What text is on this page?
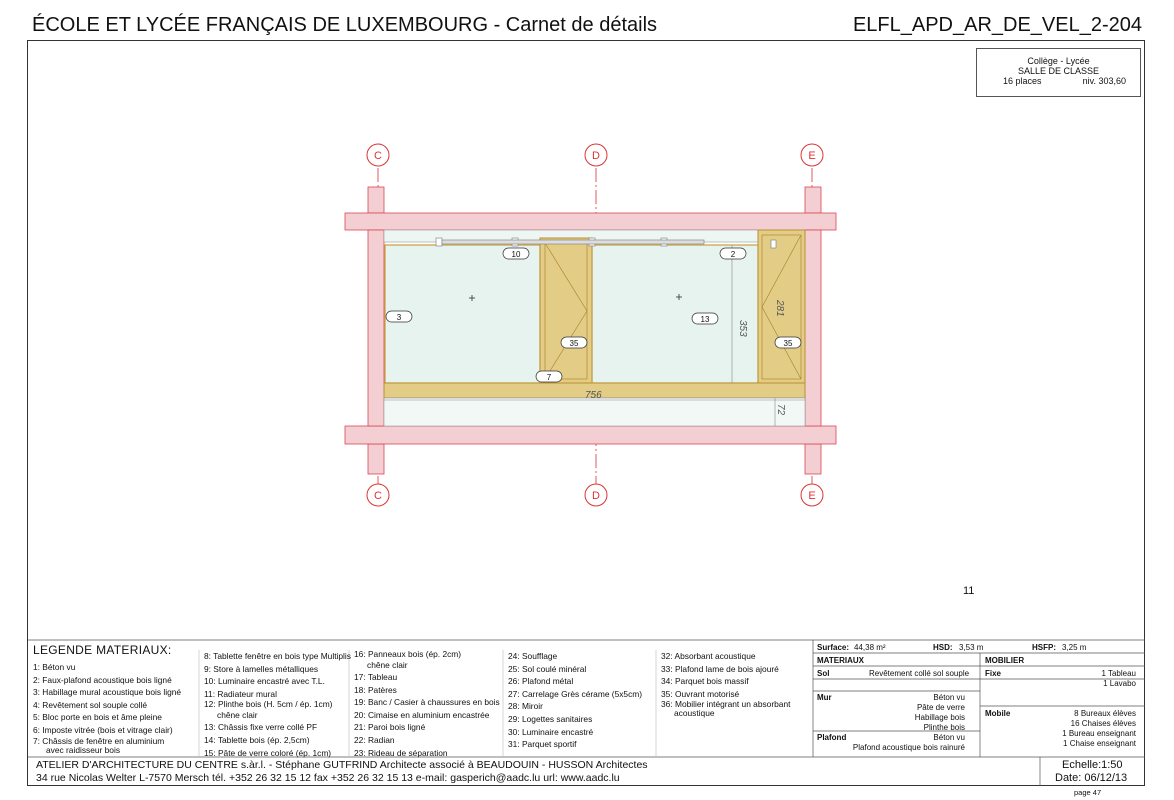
ÉCOLE ET LYCÉE FRANÇAIS DE LUXEMBOURG - Carnet de détails	ELFL_APD_AR_DE_VEL_2-204
Collège - Lycée
SALLE DE CLASSE
16 places	niv. 303,60
C	D	E
C	D	E
10	2
3	13
35	35
7
756
353
281
72
11
LEGENDE MATERIAUX:
1: Béton vu
2: Faux-plafond acoustique bois ligné
3: Habillage mural acoustique bois ligné
4: Revêtement sol souple collé
5: Bloc porte en bois et âme pleine
6: Imposte vitrée (bois et vitrage clair)
7: Châssis de fenêtre en aluminium
avec raidisseur bois
8: Tablette fenêtre en bois type Multiplis
9: Store à lamelles métalliques
10: Luminaire encastré avec T.L.
11: Radiateur mural
12: Plinthe bois (H. 5cm / ép. 1cm)
chêne clair
13: Châssis fixe verre collé PF
14: Tablette bois (ép. 2,5cm)
15: Pâte de verre coloré (ép. 1cm)
16: Panneaux bois (ép. 2cm)
chêne clair
17: Tableau
18: Patères
19: Banc / Casier à chaussures en bois
20: Cimaise en aluminium encastrée
21: Paroi bois ligné
22: Radian
23: Rideau de séparation
24: Soufflage
25: Sol coulé minéral
26: Plafond métal
27: Carrelage Grès cérame (5x5cm)
28: Miroir
29: Logettes sanitaires
30: Luminaire encastré
31: Parquet sportif
32: Absorbant acoustique
33: Plafond lame de bois ajouré
34: Parquet bois massif
35: Ouvrant motorisé
36: Mobilier intégrant un absorbant
acoustique
Surface: 44,38 m²	HSD: 3,53 m	HSFP: 3,25 m
MATERIAUX	MOBILIER
Sol	Revêtement collé sol souple
Mur	Béton vu
Pâte de verre
Habillage bois
Plinthe bois
Plafond	Béton vu
Plafond acoustique bois rainuré
Fixe	1 Tableau
1 Lavabo
Mobile	8 Bureaux élèves
16 Chaises élèves
1 Bureau enseignant
1 Chaise enseignant
ATELIER D'ARCHITECTURE DU CENTRE s.àr.l. - Stéphane GUTFRIND Architecte associé à BEAUDOUIN - HUSSON Architectes
34 rue Nicolas Welter L-7570 Mersch tél. +352 26 32 15 12 fax +352 26 32 15 13 e-mail: gasperich@aadc.lu url: www.aadc.lu
Echelle:1:50
Date: 06/12/13
page 47
